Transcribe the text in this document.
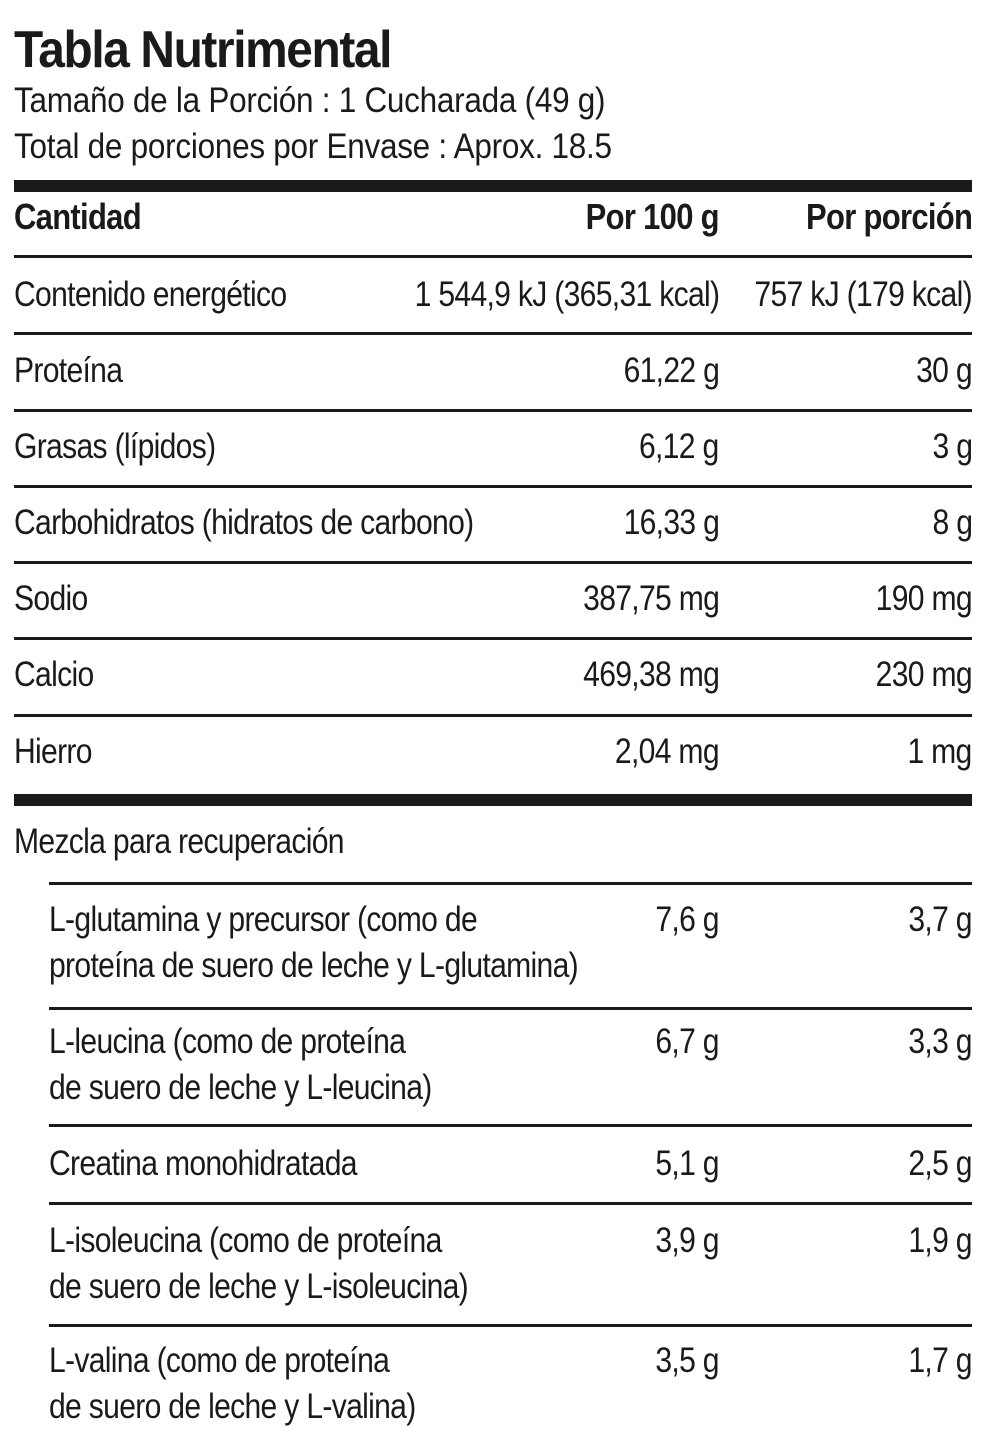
Tabla Nutrimental
Tamaño de la Porción : 1 Cucharada (49 g)
Total de porciones por Envase : Aprox. 18.5
Cantidad	Por 100 g Por porción
Contenido energético	1 544,9 kJ (365,31 kcal) 757 kJ (179 kcal)
Proteína	61,22 g	30 g
Grasas (lípidos)	6,12 g	3 g
Carbohidratos (hidratos de carbono)	16,33 g	8 g
Sodio	387,75 mg	190 mg
Calcio	469,38 mg	230 mg
Hierro	2,04 mg	1 mg
Mezcla para recuperación
L-glutamina y precursor (como de
proteína de suero de leche y L-glutamina)
7,6 g	3,7 g
L-leucina (como de proteína
de suero de leche y L-leucina)
6,7 g	3,3 g
Creatina monohidratada	5,1 g	2,5 g
L-isoleucina (como de proteína
de suero de leche y L-isoleucina)
3,9 g	1,9 g
L-valina (como de proteína
de suero de leche y L-valina)
3,5 g	1,7 g
